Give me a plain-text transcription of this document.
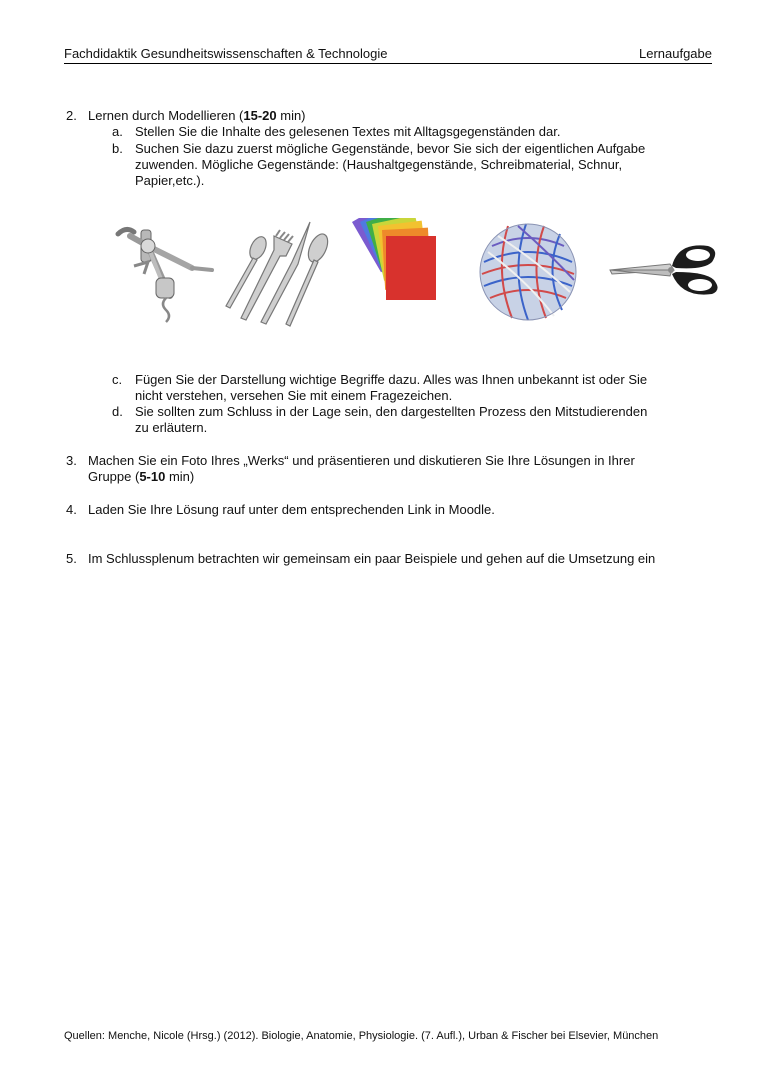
Fachdidaktik Gesundheitswissenschaften & Technologie	Lernaufgabe
2. Lernen durch Modellieren (15-20 min)
a. Stellen Sie die Inhalte des gelesenen Textes mit Alltagsgegenständen dar.
b. Suchen Sie dazu zuerst mögliche Gegenstände, bevor Sie sich der eigentlichen Aufgabe
zuwenden. Mögliche Gegenstände: (Haushaltgegenstände, Schreibmaterial, Schnur,
Papier,etc.).
c. Fügen Sie der Darstellung wichtige Begriffe dazu. Alles was Ihnen unbekannt ist oder Sie
nicht verstehen, versehen Sie mit einem Fragezeichen.
d. Sie sollten zum Schluss in der Lage sein, den dargestellten Prozess den Mitstudierenden
zu erläutern.
3. Machen Sie ein Foto Ihres „Werks“ und präsentieren und diskutieren Sie Ihre Lösungen in Ihrer
Gruppe (5-10 min)
4. Laden Sie Ihre Lösung rauf unter dem entsprechenden Link in Moodle.
5. Im Schlussplenum betrachten wir gemeinsam ein paar Beispiele und gehen auf die Umsetzung ein
Quellen: Menche, Nicole (Hrsg.) (2012). Biologie, Anatomie, Physiologie. (7. Aufl.), Urban & Fischer bei Elsevier, München
